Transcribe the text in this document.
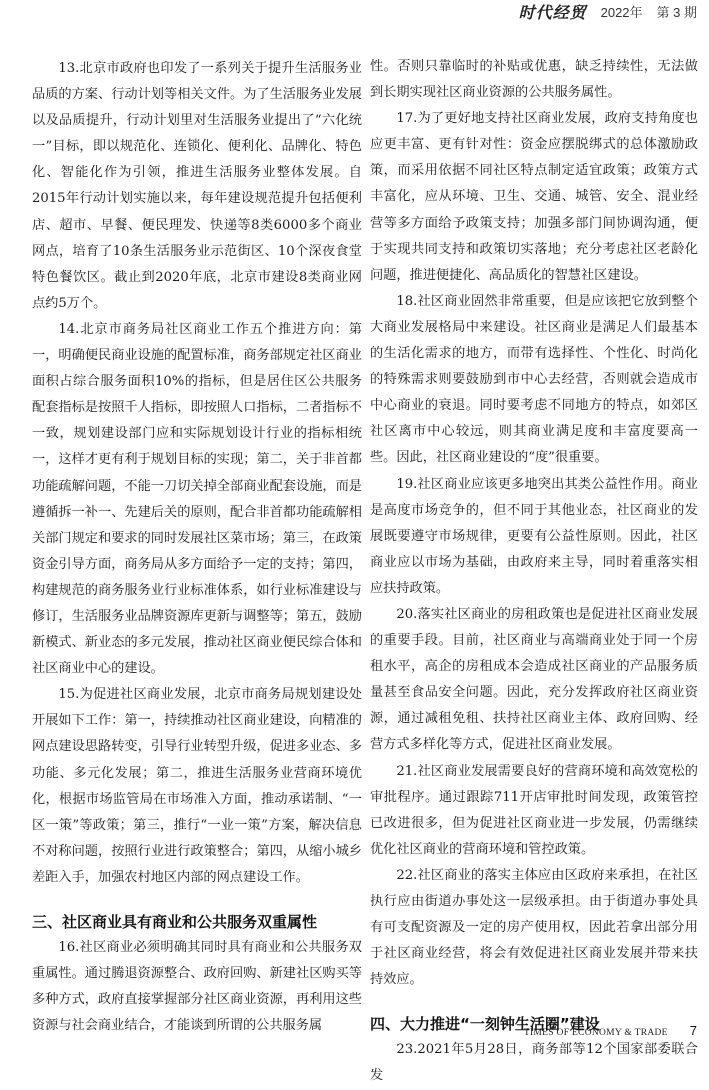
时代经贸 2022年 第 3 期

13.北京市政府也印发了一系列关于提升生活服务业品质的方案、行动计划等相关文件。为了生活服务业发展以及品质提升，行动计划里对生活服务业提出了“六化统一”目标，即以规范化、连锁化、便利化、品牌化、特色化、智能化作为引领，推进生活服务业整体发展。自2015年行动计划实施以来，每年建设规范提升包括便利店、超市、早餐、便民理发、快递等8类6000多个商业网点，培育了10条生活服务业示范街区、10个深夜食堂特色餐饮区。截止到2020年底，北京市建设8类商业网点约5万个。

14.北京市商务局社区商业工作五个推进方向：第一，明确便民商业设施的配置标准，商务部规定社区商业面积占综合服务面积10%的指标，但是居住区公共服务配套指标是按照千人指标，即按照人口指标，二者指标不一致，规划建设部门应和实际规划设计行业的指标相统一，这样才更有利于规划目标的实现；第二，关于非首都功能疏解问题，不能一刀切关掉全部商业配套设施，而是遵循拆一补一、先建后关的原则，配合非首都功能疏解相关部门规定和要求的同时发展社区菜市场；第三，在政策资金引导方面，商务局从多方面给予一定的支持；第四，构建规范的商务服务业行业标准体系，如行业标准建设与修订，生活服务业品牌资源库更新与调整等；第五，鼓励新模式、新业态的多元发展，推动社区商业便民综合体和社区商业中心的建设。

15.为促进社区商业发展，北京市商务局规划建设处开展如下工作：第一，持续推动社区商业建设，向精准的网点建设思路转变，引导行业转型升级，促进多业态、多功能、多元化发展；第二，推进生活服务业营商环境优化，根据市场监管局在市场准入方面，推动承诺制、“一区一策”等政策；第三，推行“一业一策”方案，解决信息不对称问题，按照行业进行政策整合；第四，从缩小城乡差距入手，加强农村地区内部的网点建设工作。

三、社区商业具有商业和公共服务双重属性

16.社区商业必须明确其同时具有商业和公共服务双重属性。通过腾退资源整合、政府回购、新建社区购买等多种方式，政府直接掌握部分社区商业资源，再利用这些资源与社会商业结合，才能谈到所谓的公共服务属

性。否则只靠临时的补贴或优惠，缺乏持续性，无法做到长期实现社区商业资源的公共服务属性。

17.为了更好地支持社区商业发展，政府支持角度也应更丰富、更有针对性：资金应摆脱绑式的总体激励政策，而采用依据不同社区特点制定适宜政策；政策方式丰富化，应从环境、卫生、交通、城管、安全、混业经营等多方面给予政策支持；加强多部门间协调沟通，便于实现共同支持和政策切实落地；充分考虑社区老龄化问题，推进便捷化、高品质化的智慧社区建设。

18.社区商业固然非常重要，但是应该把它放到整个大商业发展格局中来建设。社区商业是满足人们最基本的生活化需求的地方，而带有选择性、个性化、时尚化的特殊需求则要鼓励到市中心去经营，否则就会造成市中心商业的衰退。同时要考虑不同地方的特点，如郊区社区离市中心较远，则其商业满足度和丰富度要高一些。因此，社区商业建设的“度”很重要。

19.社区商业应该更多地突出其类公益性作用。商业是高度市场竞争的，但不同于其他业态，社区商业的发展既要遵守市场规律，更要有公益性原则。因此，社区商业应以市场为基础，由政府来主导，同时着重落实相应扶持政策。

20.落实社区商业的房租政策也是促进社区商业发展的重要手段。目前，社区商业与高端商业处于同一个房租水平，高企的房租成本会造成社区商业的产品服务质量甚至食品安全问题。因此，充分发挥政府社区商业资源，通过减租免租、扶持社区商业主体、政府回购、经营方式多样化等方式，促进社区商业发展。

21.社区商业发展需要良好的营商环境和高效宽松的审批程序。通过跟踪711开店审批时间发现，政策管控已改进很多，但为促进社区商业进一步发展，仍需继续优化社区商业的营商环境和管控政策。

22.社区商业的落实主体应由区政府来承担，在社区执行应由街道办事处这一层级承担。由于街道办事处具有可支配资源及一定的房产使用权，因此若拿出部分用于社区商业经营，将会有效促进社区商业发展并带来扶持效应。

四、大力推进“一刻钟生活圈”建设

23.2021年5月28日，商务部等12个国家部委联合发

TIMES OF ECONOMY & TRADE 7
